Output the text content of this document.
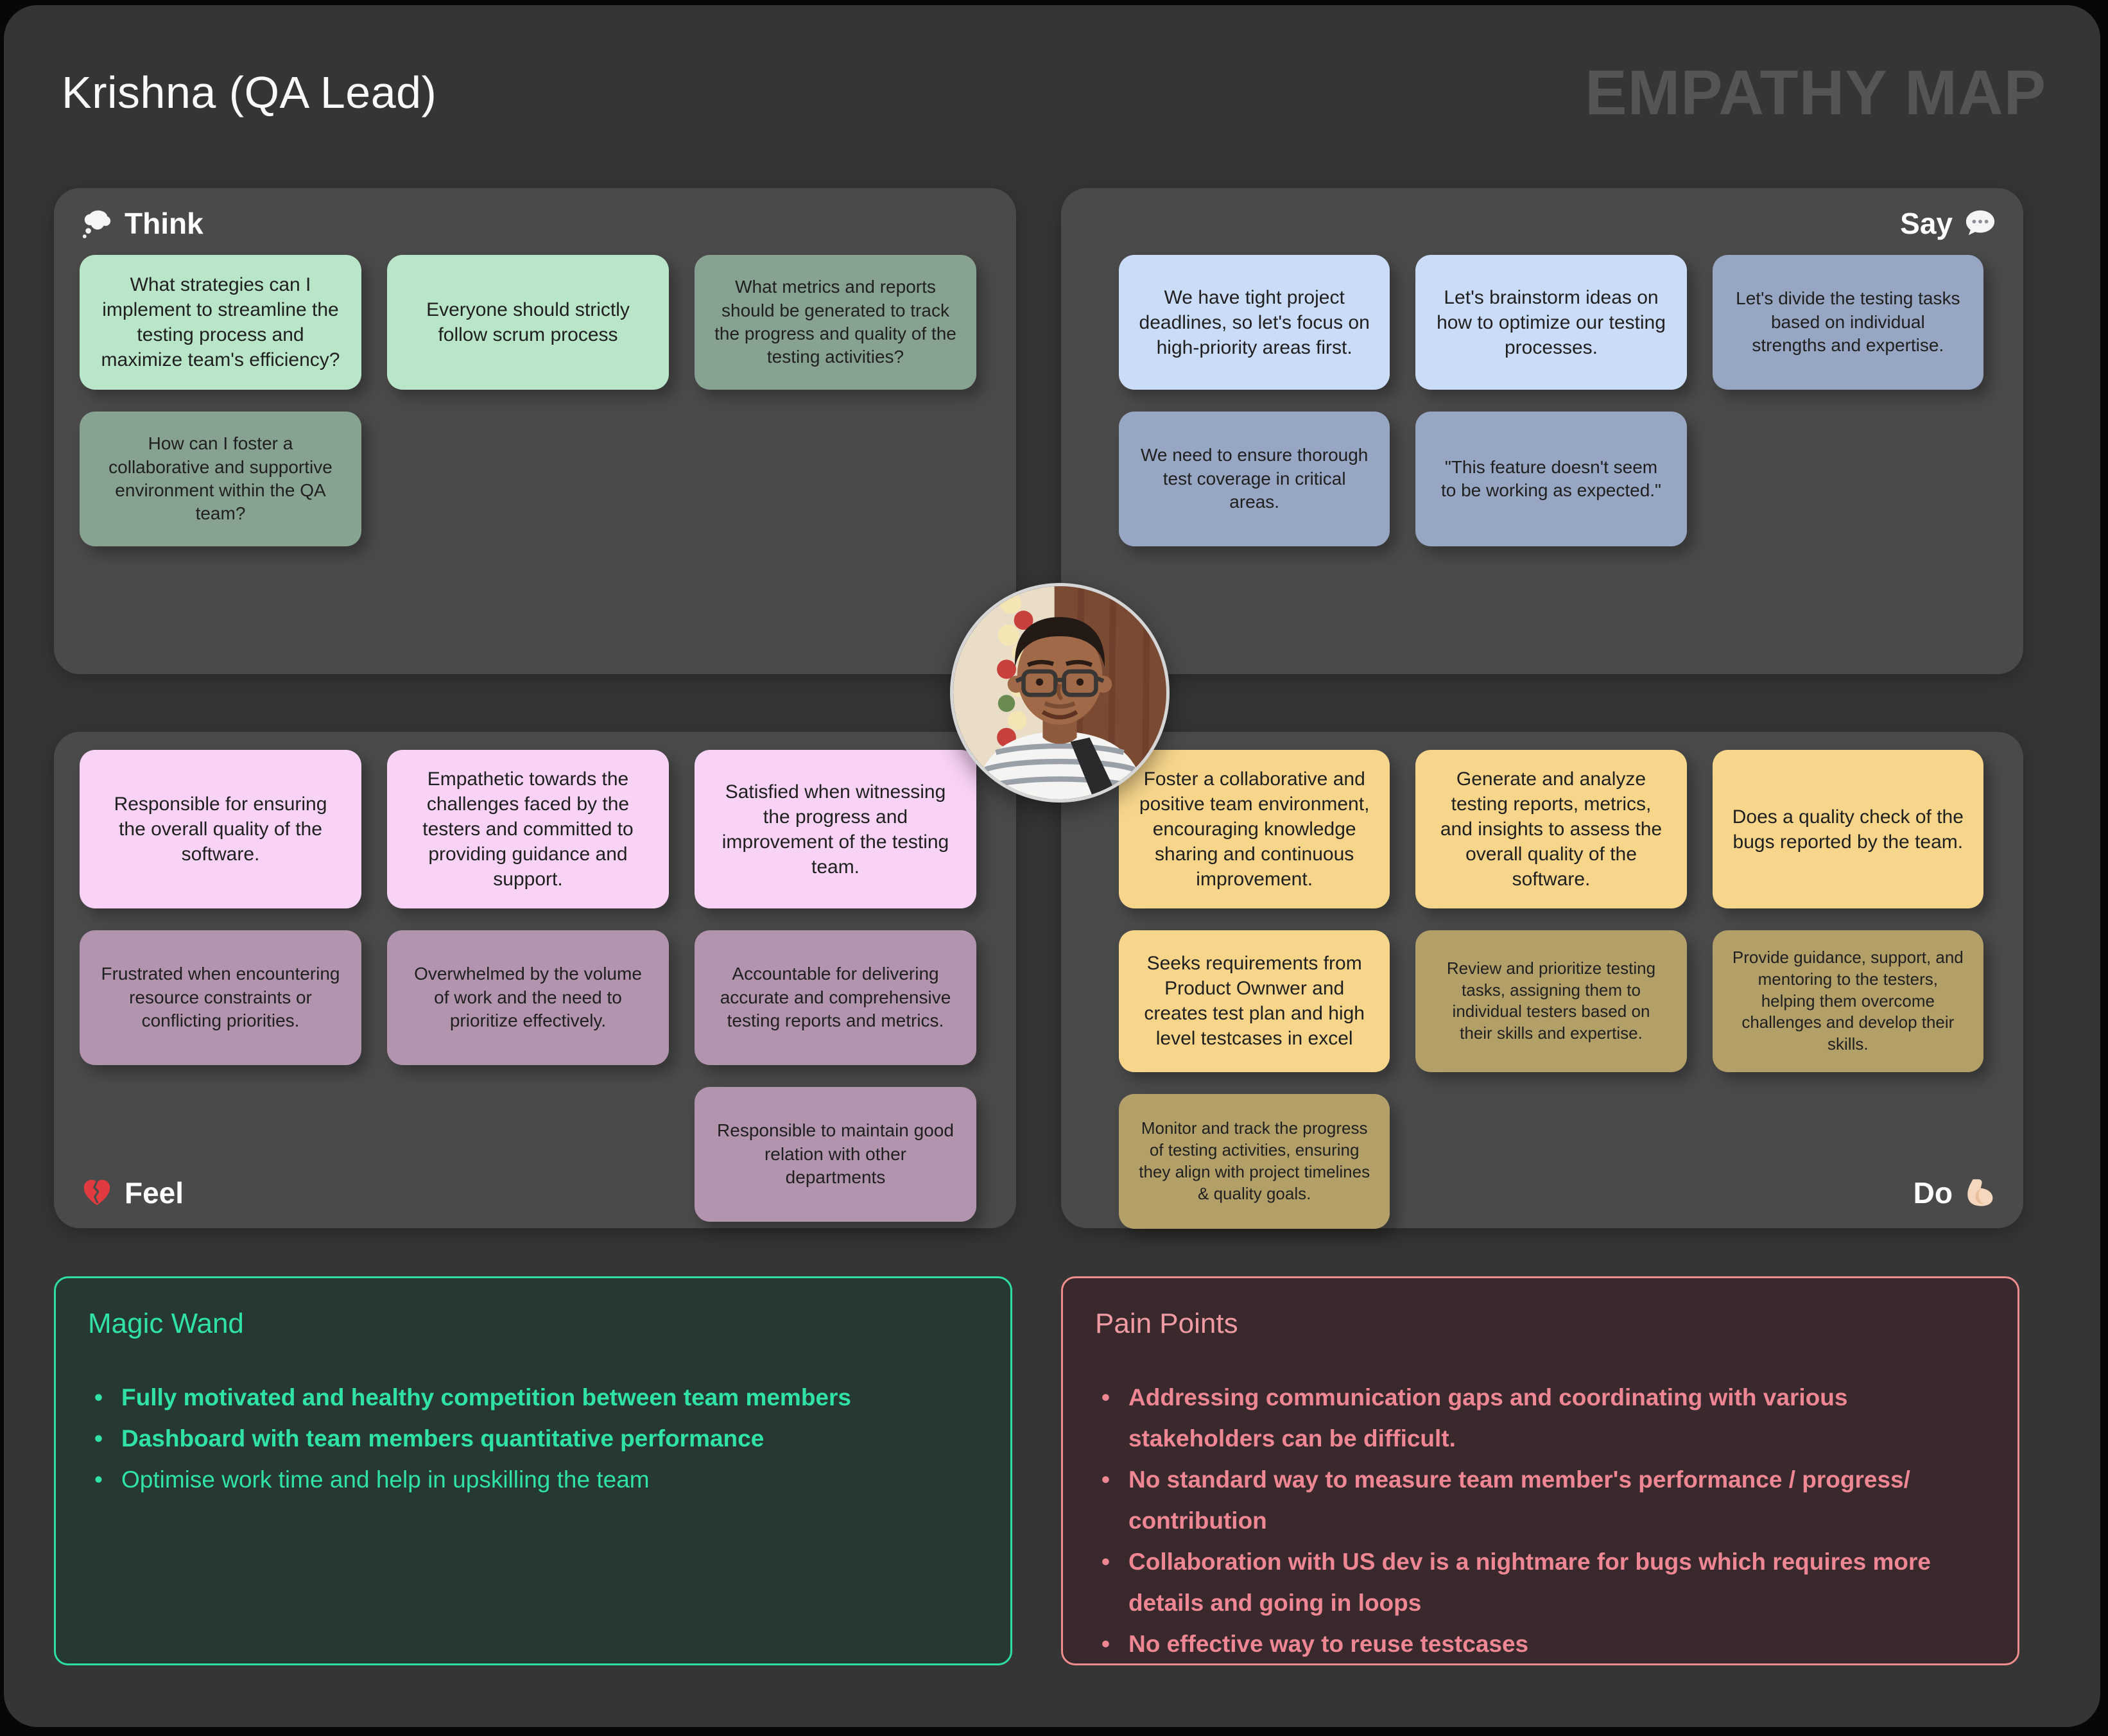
Krishna (QA Lead)	EMPATHY MAP
Think
What strategies can I implement to streamline the testing process and maximize team's efficiency?
Everyone should strictly follow scrum process
What metrics and reports should be generated to track the progress and quality of the testing activities?
How can I foster a collaborative and supportive environment within the QA team?
Say
We have tight project deadlines, so let's focus on high-priority areas first.
Let's brainstorm ideas on how to optimize our testing processes.
Let's divide the testing tasks based on individual strengths and expertise.
We need to ensure thorough test coverage in critical areas.
"This feature doesn't seem to be working as expected."
Responsible for ensuring the overall quality of the software.
Empathetic towards the challenges faced by the testers and committed to providing guidance and support.
Satisfied when witnessing the progress and improvement of the testing team.
Frustrated when encountering resource constraints or conflicting priorities.
Overwhelmed by the volume of work and the need to prioritize effectively.
Accountable for delivering accurate and comprehensive testing reports and metrics.
Responsible to maintain good relation with other departments
Feel
Foster a collaborative and positive team environment, encouraging knowledge sharing and continuous improvement.
Generate and analyze testing reports, metrics, and insights to assess the overall quality of the software.
Does a quality check of the bugs reported by the team.
Seeks requirements from Product Ownwer and creates test plan and high level testcases in excel
Review and prioritize testing tasks, assigning them to individual testers based on their skills and expertise.
Provide guidance, support, and mentoring to the testers, helping them overcome challenges and develop their skills.
Monitor and track the progress of testing activities, ensuring they align with project timelines & quality goals.	Do
Magic Wand
• Fully motivated and healthy competition between team members
• Dashboard with team members quantitative performance
• Optimise work time and help in upskilling the team
Pain Points
• Addressing communication gaps and coordinating with various stakeholders can be difficult.
• No standard way to measure team member's performance / progress/ contribution
• Collaboration with US dev is a nightmare for bugs which requires more details and going in loops
• No effective way to reuse testcases
